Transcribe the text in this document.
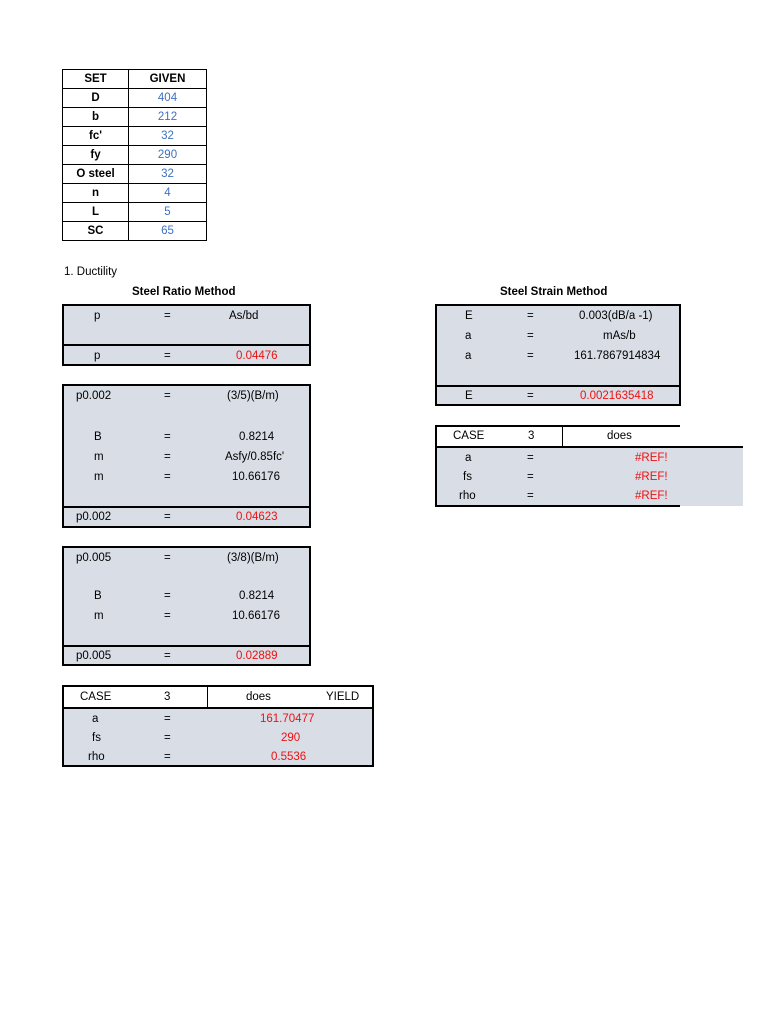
SET	GIVEN
D	404
b	212
fc'	32
fy	290
O steel	32
n	4
L	5
SC	65
1. Ductility
Steel Ratio Method	Steel Strain Method
p	=	As/bd
p	=	0.04476
p0.002	=	(3/5)(B/m)
B	=	0.8214
m	=	Asfy/0.85fc'
m	=	10.66176
p0.002	=	0.04623
p0.005	=	(3/8)(B/m)
B	=	0.8214
m	=	10.66176
p0.005	=	0.02889
CASE	3	does	YIELD
a	=	161.70477
fs	=	290
rho	=	0.5536
E	=	0.003(dB/a -1)
a	=	mAs/b
a	=	161.7867914834
E	=	0.0021635418
CASE	3	does
a	=	#REF!
fs	=	#REF!
rho	=	#REF!
